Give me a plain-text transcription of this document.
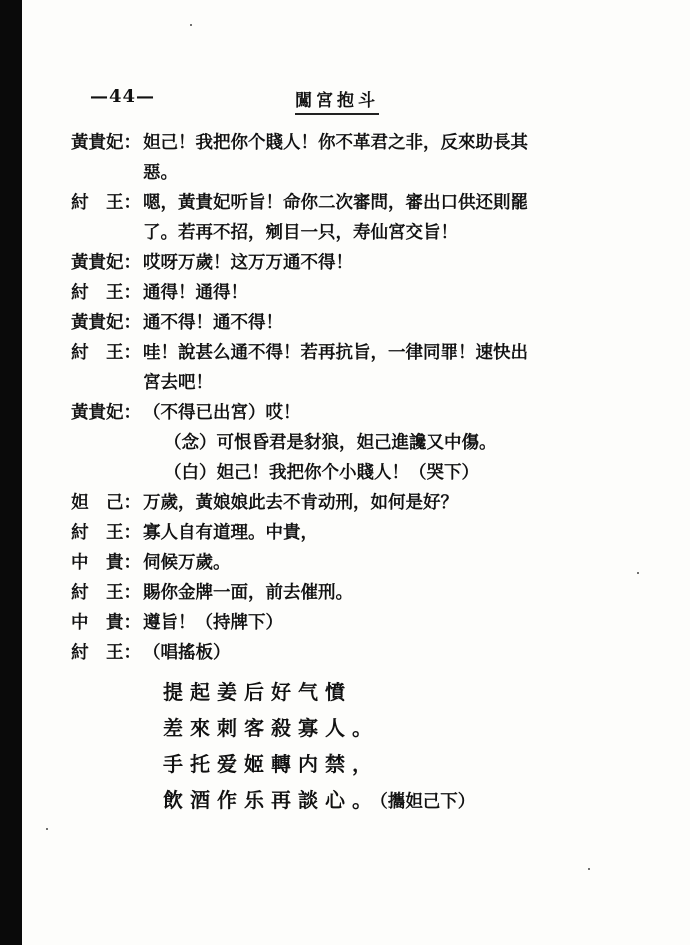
—44—	闖宮抱斗
黃貴妃： 妲己！我把你个賤人！你不革君之非，反來助長其
惡。
紂　王： 嗯，黃貴妃听旨！命你二次審問，審出口供还則罷
了。若再不招，剜目一只，寿仙宮交旨！
黃貴妃： 哎呀万歲！这万万通不得！
紂　王： 通得！通得！
黃貴妃： 通不得！通不得！
紂　王： 哇！說甚么通不得！若再抗旨，一律同罪！速快出
宮去吧！
黃貴妃： （不得已出宮）哎！
（念）可恨昏君是豺狼，妲己進讒又中傷。
（白）妲己！我把你个小賤人！（哭下）
妲　己： 万歲，黃娘娘此去不肯动刑，如何是好？
紂　王： 寡人自有道理。中貴，
中　貴： 伺候万歲。
紂　王： 賜你金牌一面，前去催刑。
中　貴： 遵旨！（持牌下）
紂　王： （唱搖板）
提起姜后好气憤
差來刺客殺寡人。
手托爱姬轉内禁，
飲酒作乐再談心。（攜妲己下）
